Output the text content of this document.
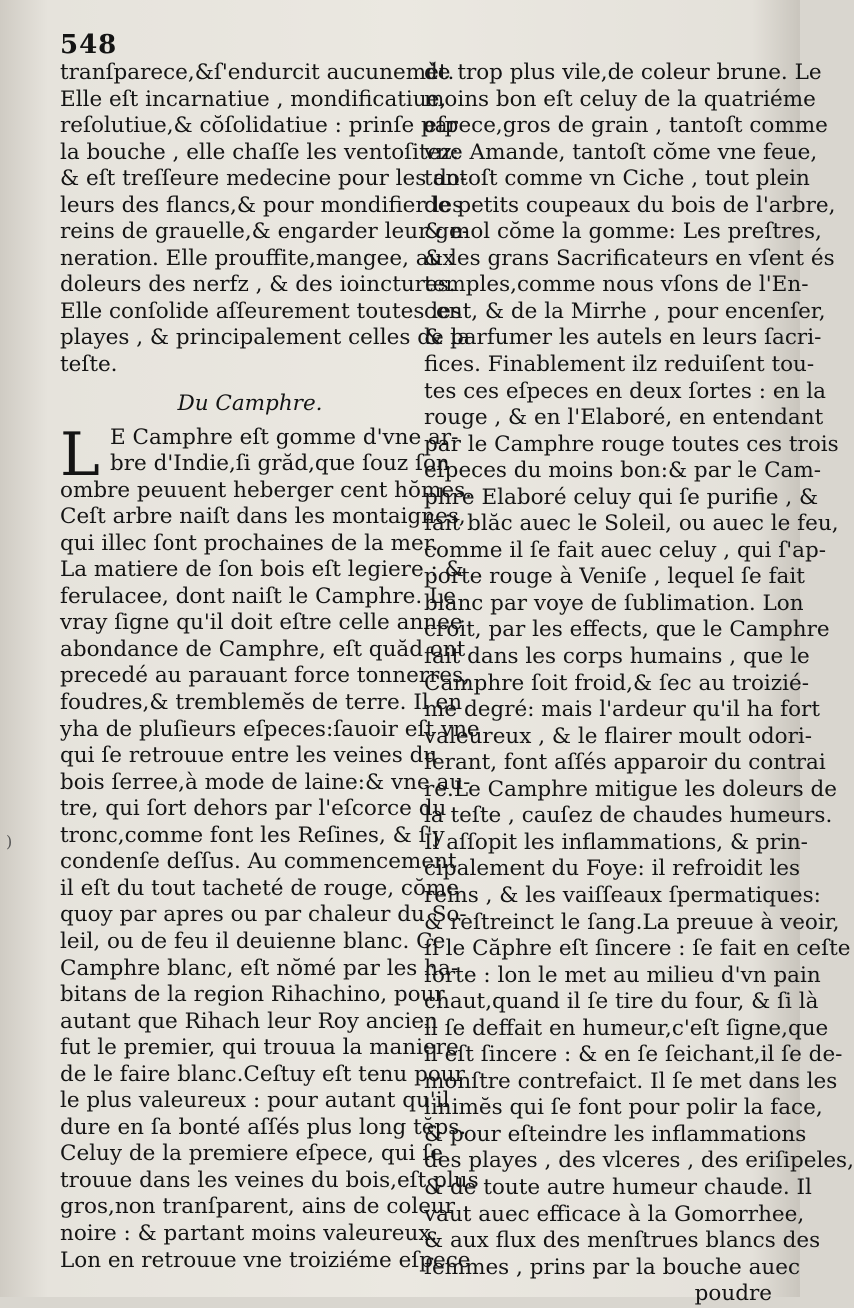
548
)
tranſparece,&ſ'endurcit aucunemět.
Elle eſt incarnatiue , mondificatiue,
reſolutiue,& cŏſolidatiue : prinſe par
la bouche , elle chaſſe les ventoſitez:
& eſt treſſeure medecine pour les do-
leurs des flancs,& pour mondifier les
reins de grauelle,& engarder leur ge-
neration. Elle prouffite,mangee, aux
doleurs des nerfz , & des ioinctures.
Elle conſolide aſſeurement toutes les
playes , & principalement celles de la
teſte.
Du Camphre.
L E Camphre eſt gomme d'vne ar-
bre d'Indie,ſi grăd,que ſouz ſon
ombre peuuent heberger cent hŏmes.
Ceſt arbre naiſt dans les montaignes,
qui illec ſont prochaines de la mer.
La matiere de ſon bois eſt legiere : &
ferulacee, dont naiſt le Camphre. Le
vray ſigne qu'il doit eſtre celle annee
abondance de Camphre, eſt quăd ont
precedé au parauant force tonnerres,
foudres,& tremblemĕs de terre. Il en
yha de pluſieurs eſpeces:ſauoir eſt vne
qui ſe retrouue entre les veines du
bois ſerree,à mode de laine:& vne au-
tre, qui ſort dehors par l'eſcorce du
tronc,comme font les Reſines, & ſ'y
condenſe deſſus. Au commencement
il eſt du tout tacheté de rouge, cŏme
quoy par apres ou par chaleur du So-
leil, ou de feu il deuienne blanc. Ce
Camphre blanc, eſt nŏmé par les ha-
bitans de la region Rihachino, pour
autant que Rihach leur Roy ancien
fut le premier, qui trouua la maniere
de le faire blanc.Ceſtuy eſt tenu pour
le plus valeureux : pour autant qu'il
dure en ſa bonté aſſés plus long tĕps.
Celuy de la premiere eſpece, qui ſe
trouue dans les veines du bois,eſt plus
gros,non tranſparent, ains de coleur
noire : & partant moins valeureux.
Lon en retrouue vne troiziéme eſpece
de trop plus vile,de coleur brune. Le
moins bon eſt celuy de la quatriéme
eſpece,gros de grain , tantoſt comme
vne Amande, tantoſt cŏme vne feue,
tantoſt comme vn Ciche , tout plein
de petits coupeaux du bois de l'arbre,
& mol cŏme la gomme: Les preſtres,
& les grans Sacrificateurs en vſent és
temples,comme nous vſons de l'En-
cent, & de la Mirrhe , pour encenſer,
& parfumer les autels en leurs ſacri-
fices. Finablement ilz reduiſent tou-
tes ces eſpeces en deux ſortes : en la
rouge , & en l'Elaboré, en entendant
par le Camphre rouge toutes ces trois
eſpeces du moins bon:& par le Cam-
phre Elaboré celuy qui ſe purifie , &
fait blăc auec le Soleil, ou auec le feu,
comme il ſe fait auec celuy , qui ſ'ap-
porte rouge à Veniſe , lequel ſe fait
blanc par voye de ſublimation. Lon
croit, par les effects, que le Camphre
fait dans les corps humains , que le
Camphre ſoit froid,& ſec au troizié-
me degré: mais l'ardeur qu'il ha fort
valeureux , & le flairer moult odori-
ferant, font aſſés apparoir du contrai
re.Le Camphre mitigue les doleurs de
la teſte , cauſez de chaudes humeurs.
Il aſſopit les inflammations, & prin-
cipalement du Foye: il refroidit les
reins , & les vaiſſeaux ſpermatiques:
& reſtreinct le ſang.La preuue à veoir,
ſi le Căphre eſt ſincere : ſe fait en ceſte
ſorte : lon le met au milieu d'vn pain
chaut,quand il ſe tire du four, & ſi là
il ſe deffait en humeur,c'eſt ſigne,que
il eſt ſincere : & en ſe ſeichant,il ſe de-
monſtre contrefaict. Il ſe met dans les
linimĕs qui ſe font pour polir la face,
& pour eſteindre les inflammations
des playes , des vlceres , des eriſipeles,
& de toute autre humeur chaude. Il
vaut auec efficace à la Gomorrhee,
& aux flux des menſtrues blancs des
femmes , prins par la bouche auec
poudre
